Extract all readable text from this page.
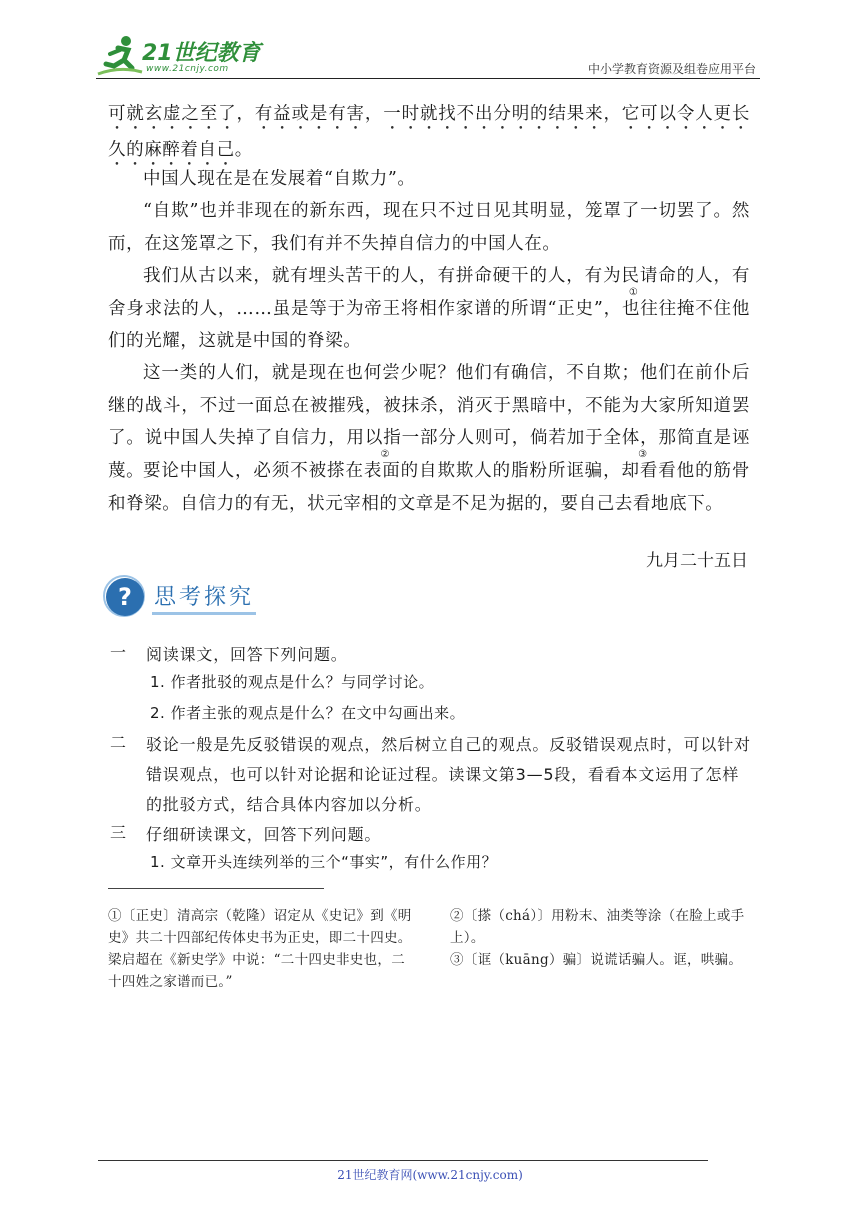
21世纪教育
www.21cnjy.com	中小学教育资源及组卷应用平台

可就玄虚之至了，有益或是有害，一时就找不出分明的结果来，它可以令人更长久的麻醉着自己。

中国人现在是在发展着“自欺力”。

“自欺”也并非现在的新东西，现在只不过日见其明显，笼罩了一切罢了。然而，在这笼罩之下，我们有并不失掉自信力的中国人在。

我们从古以来，就有埋头苦干的人，有拼命硬干的人，有为民请命的人，有舍身求法的人，……虽是等于为帝王将相作家谱的所谓“正史
①
”，也往往掩不住他们的光耀，这就是中国的脊梁。

这一类的人们，就是现在也何尝少呢？他们有确信，不自欺；他们在前仆后继的战斗，不过一面总在被摧残，被抹杀，消灭于黑暗中，不能为大家所知道罢了。说中国人失掉了自信力，用以指一部分人则可，倘若加于全体，那简直是诬蔑。

要论中国人，必须不被搽
②
在表面的自欺欺人的脂粉所诓骗
③
，却看看他的筋骨和脊梁。自信力的有无，状元宰相的文章是不足为据的，要自己去看地底下。

九月二十五日
?	思考探究
一 阅读课文，回答下列问题。
1. 作者批驳的观点是什么？与同学讨论。
2. 作者主张的观点是什么？在文中勾画出来。
二 驳论一般是先反驳错误的观点，然后树立自己的观点。反驳错误观点时，可以针对错误观点，也可以针对论据和论证过程。读课文第3—5段，看看本文运用了怎样的批驳方式，结合具体内容加以分析。
三 仔细研读课文，回答下列问题。
1. 文章开头连续列举的三个“事实”，有什么作用？
①〔正史〕清高宗（乾隆）诏定从《史记》到《明史》共二十四部纪传体史书为正史，即二十四史。梁启超在《新史学》中说：“二十四史非史也，二十四姓之家谱而已。”
②〔搽（chá）〕用粉末、油类等涂（在脸上或手上）。
③〔诓（kuāng）骗〕说谎话骗人。诓，哄骗。
21世纪教育网(www.21cnjy.com)
